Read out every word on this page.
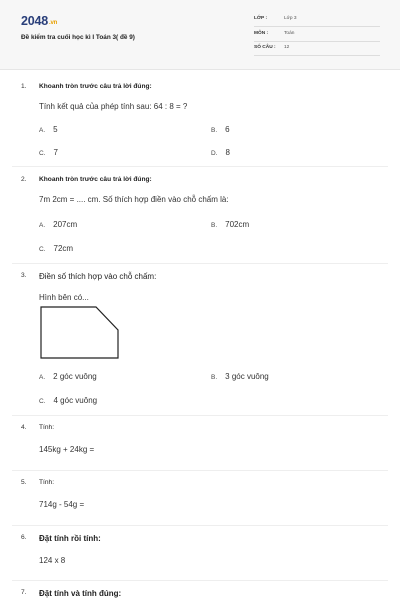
2048.vn
Đề kiểm tra cuối học kì I Toán 3( đề 9)
LỚP :	Lớp 3
MÔN :	Toán
SỐ CÂU : 12
1. Khoanh tròn trước câu trả lời đúng:
Tính kết quả của phép tính sau: 64 : 8 = ?
A. 5	B. 6
C. 7	D. 8
2. Khoanh tròn trước câu trả lời đúng:
7m 2cm = .... cm. Số thích hợp điền vào chỗ chấm là:
A. 207cm	B. 702cm
C. 72cm
3. Điền số thích hợp vào chỗ chấm:
Hình bên có...
A. 2 góc vuông	B. 3 góc vuông
C. 4 góc vuông
4. Tính:
145kg + 24kg =
5. Tính:
714g - 54g =
6. Đặt tính rồi tính:
124 x 8
7. Đặt tính và tính đúng:
